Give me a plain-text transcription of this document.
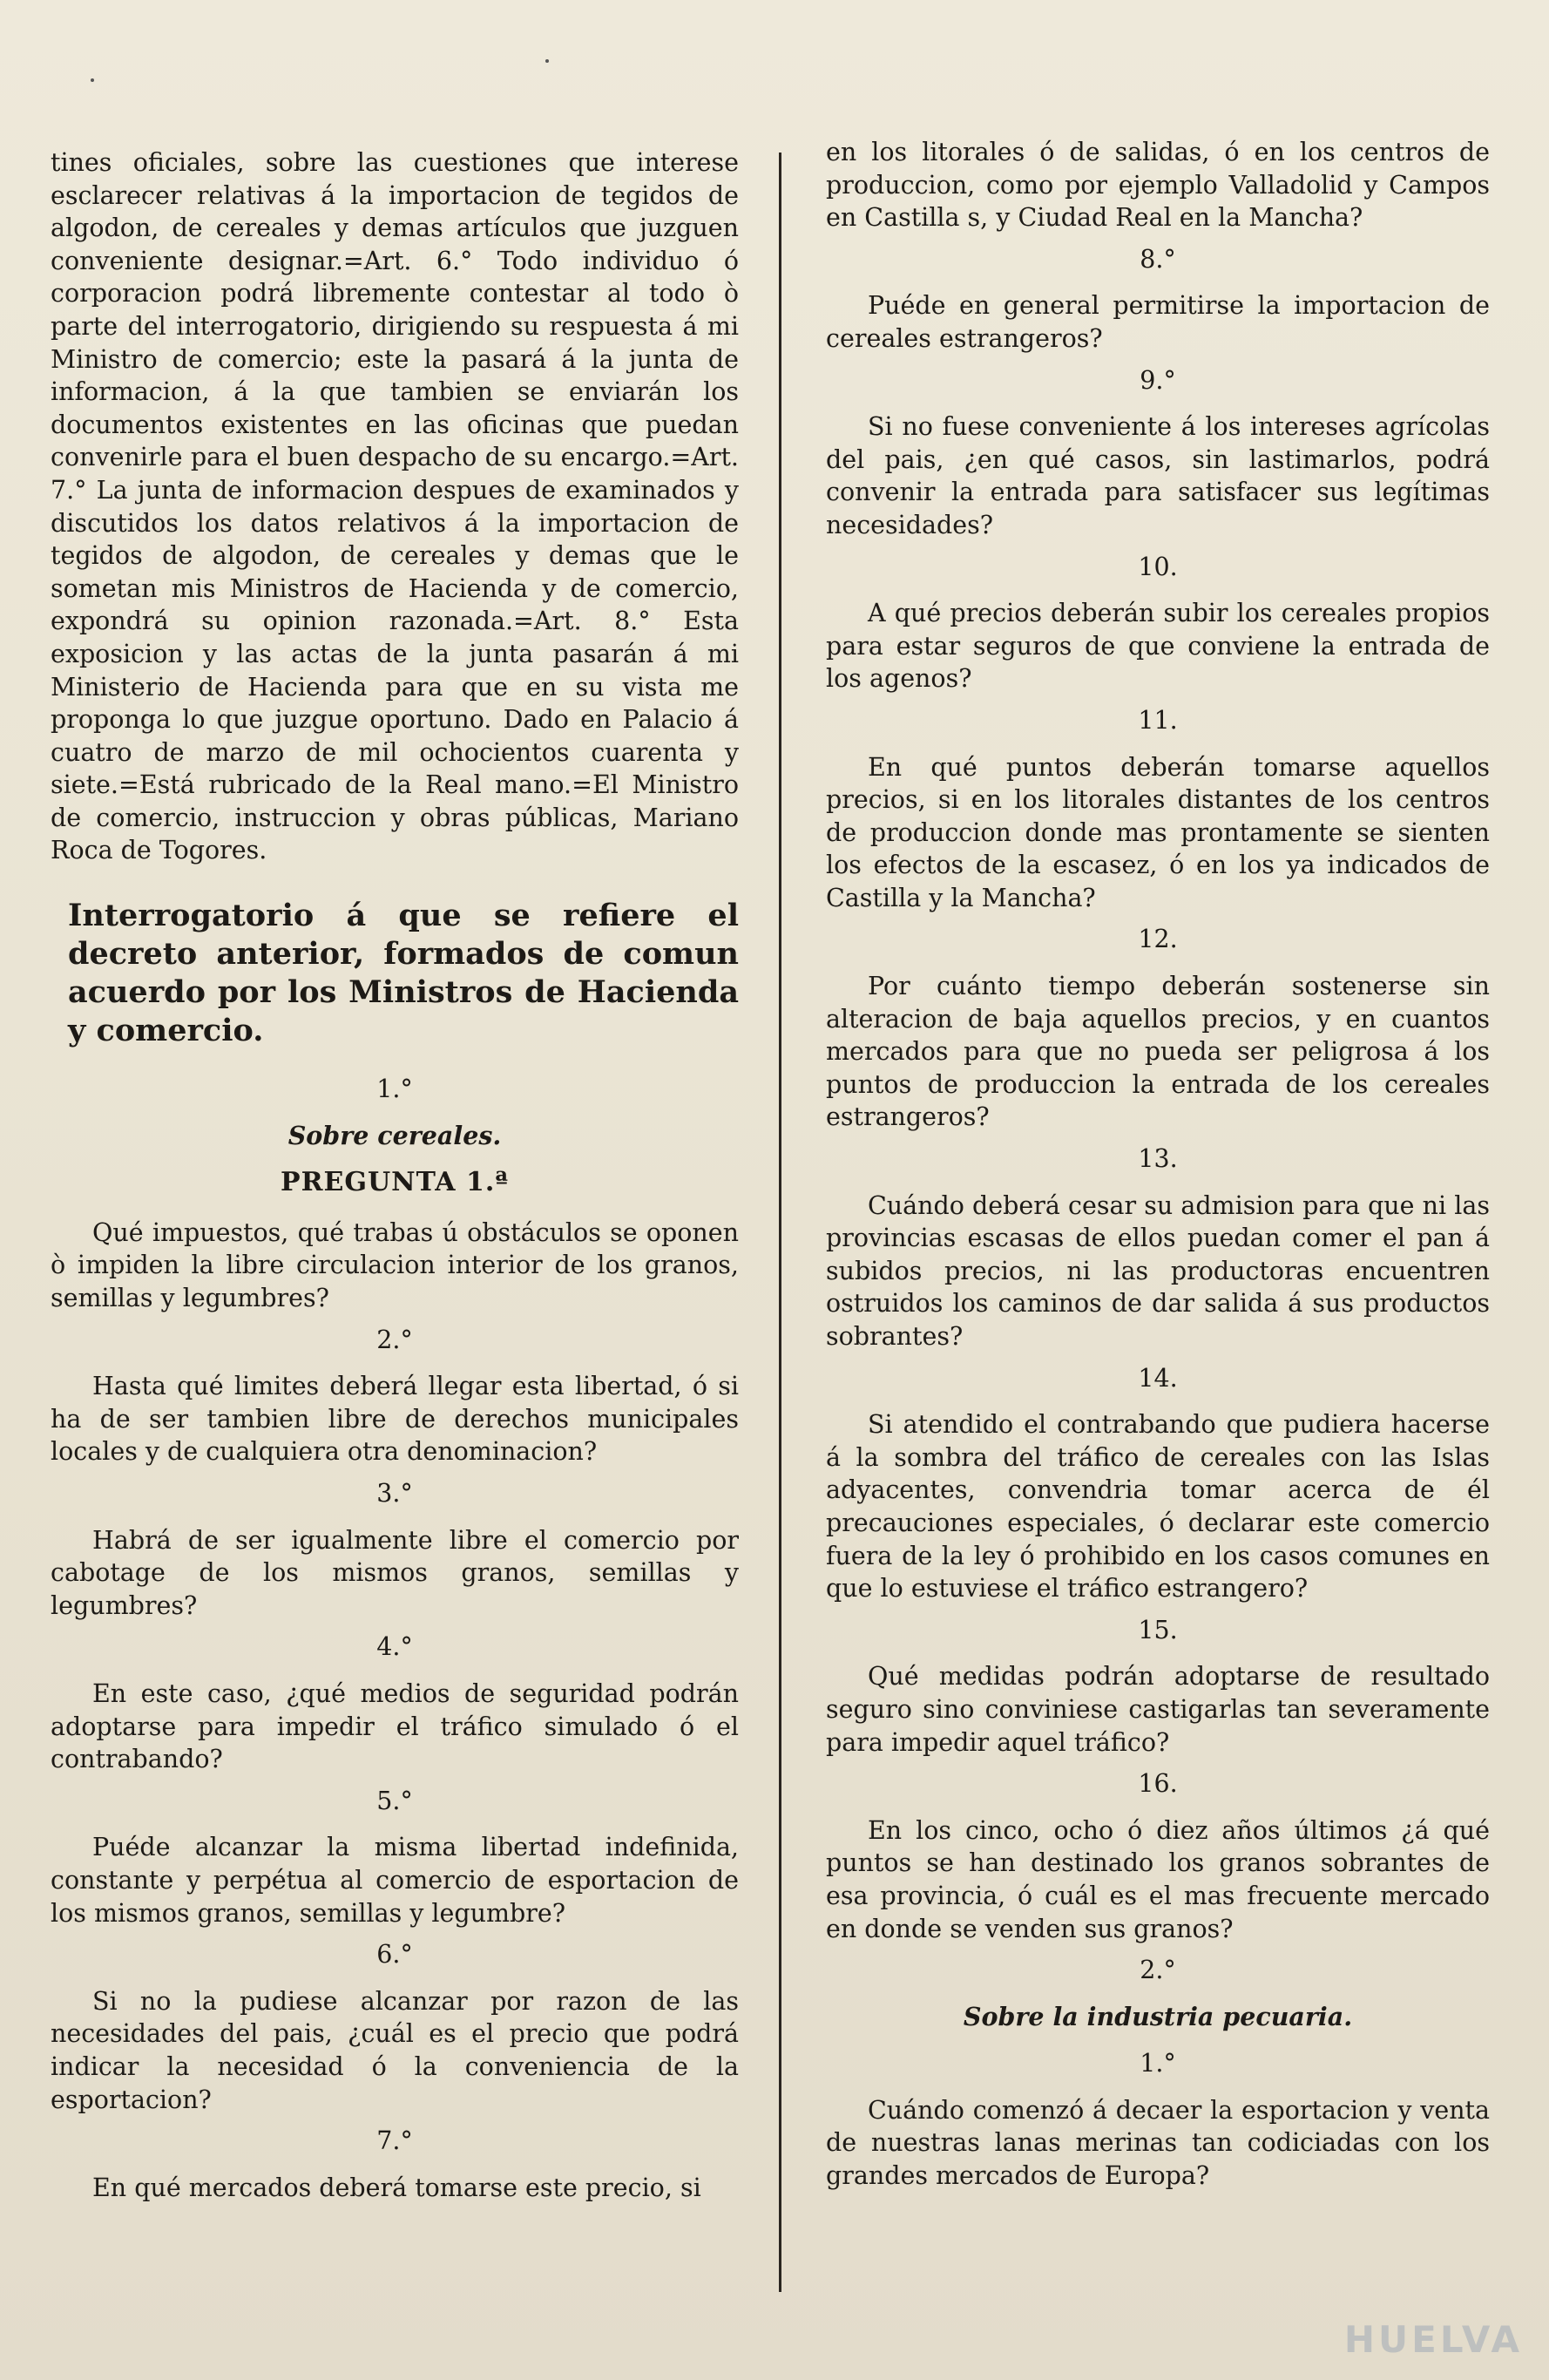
tines oficiales, sobre las cuestiones que interese esclarecer relativas á la importacion de tegidos de algodon, de cereales y demas artículos que juzguen conveniente designar.=Art. 6.° Todo individuo ó corporacion podrá libremente contestar al todo ò parte del interrogatorio, dirigiendo su respuesta á mi Ministro de comercio; este la pasará á la junta de informacion, á la que tambien se enviarán los documentos existentes en las oficinas que puedan convenirle para el buen despacho de su encargo.=Art. 7.° La junta de informacion despues de examinados y discutidos los datos relativos á la importacion de tegidos de algodon, de cereales y demas que le sometan mis Ministros de Hacienda y de comercio, expondrá su opinion razonada.=Art. 8.° Esta exposicion y las actas de la junta pasarán á mi Ministerio de Hacienda para que en su vista me proponga lo que juzgue oportuno. Dado en Palacio á cuatro de marzo de mil ochocientos cuarenta y siete.=Está rubricado de la Real mano.=El Ministro de comercio, instruccion y obras públicas, Mariano Roca de Togores.

Interrogatorio á que se refiere el decreto anterior, formados de comun acuerdo por los Ministros de Hacienda y comercio.

1.°

Sobre cereales.

PREGUNTA 1.ª

Qué impuestos, qué trabas ú obstáculos se oponen ò impiden la libre circulacion interior de los granos, semillas y legumbres?

2.°

Hasta qué limites deberá llegar esta libertad, ó si ha de ser tambien libre de derechos municipales locales y de cualquiera otra denominacion?

3.°

Habrá de ser igualmente libre el comercio por cabotage de los mismos granos, semillas y legumbres?

4.°

En este caso, ¿qué medios de seguridad podrán adoptarse para impedir el tráfico simulado ó el contrabando?

5.°

Puéde alcanzar la misma libertad indefinida, constante y perpétua al comercio de esportacion de los mismos granos, semillas y legumbre?

6.°

Si no la pudiese alcanzar por razon de las necesidades del pais, ¿cuál es el precio que podrá indicar la necesidad ó la conveniencia de la esportacion?

7.°

En qué mercados deberá tomarse este precio, si

en los litorales ó de salidas, ó en los centros de produccion, como por ejemplo Valladolid y Campos en Castilla s, y Ciudad Real en la Mancha?

8.°

Puéde en general permitirse la importacion de cereales estrangeros?

9.°

Si no fuese conveniente á los intereses agrícolas del pais, ¿en qué casos, sin lastimarlos, podrá convenir la entrada para satisfacer sus legítimas necesidades?

10.

A qué precios deberán subir los cereales propios para estar seguros de que conviene la entrada de los agenos?

11.

En qué puntos deberán tomarse aquellos precios, si en los litorales distantes de los centros de produccion donde mas prontamente se sienten los efectos de la escasez, ó en los ya indicados de Castilla y la Mancha?

12.

Por cuánto tiempo deberán sostenerse sin alteracion de baja aquellos precios, y en cuantos mercados para que no pueda ser peligrosa á los puntos de produccion la entrada de los cereales estrangeros?

13.

Cuándo deberá cesar su admision para que ni las provincias escasas de ellos puedan comer el pan á subidos precios, ni las productoras encuentren ostruidos los caminos de dar salida á sus productos sobrantes?

14.

Si atendido el contrabando que pudiera hacerse á la sombra del tráfico de cereales con las Islas adyacentes, convendria tomar acerca de él precauciones especiales, ó declarar este comercio fuera de la ley ó prohibido en los casos comunes en que lo estuviese el tráfico estrangero?

15.

Qué medidas podrán adoptarse de resultado seguro sino conviniese castigarlas tan severamente para impedir aquel tráfico?

16.

En los cinco, ocho ó diez años últimos ¿á qué puntos se han destinado los granos sobrantes de esa provincia, ó cuál es el mas frecuente mercado en donde se venden sus granos?

2.°

Sobre la industria pecuaria.

1.°

Cuándo comenzó á decaer la esportacion y venta de nuestras lanas merinas tan codiciadas con los grandes mercados de Europa?

HUELVA
